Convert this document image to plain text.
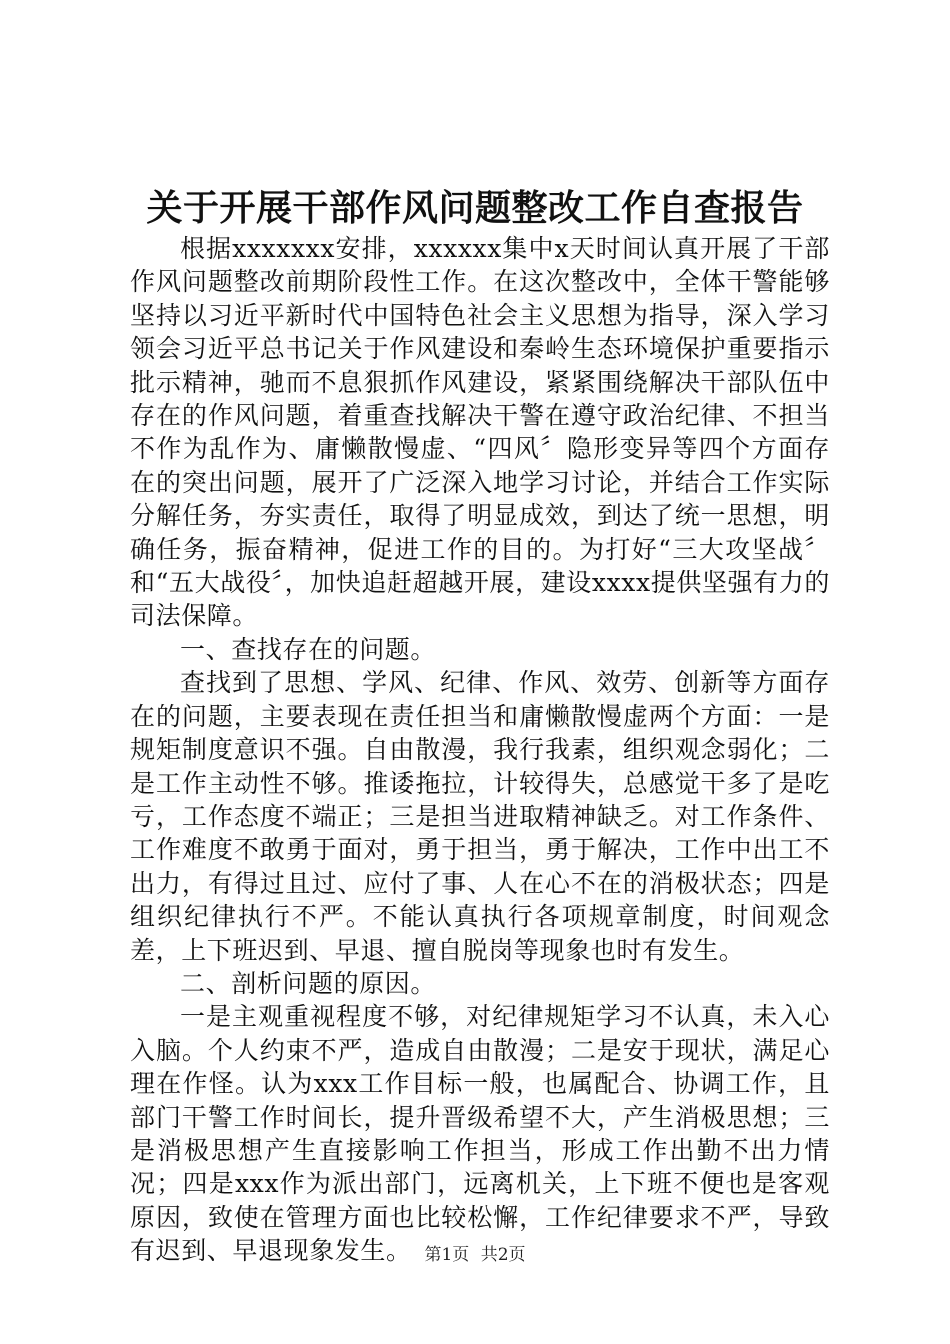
关于开展干部作风问题整改工作自查报告

根据xxxxxxx安排，xxxxxx集中x天时间认真开展了干部作风问题整改前期阶段性工作。在这次整改中，全体干警能够坚持以习近平新时代中国特色社会主义思想为指导，深入学习领会习近平总书记关于作风建设和秦岭生态环境保护重要指示批示精神，驰而不息狠抓作风建设，紧紧围绕解决干部队伍中存在的作风问题，着重查找解决干警在遵守政治纪律、不担当不作为乱作为、庸懒散慢虚、“四风〞隐形变异等四个方面存在的突出问题，展开了广泛深入地学习讨论，并结合工作实际分解任务，夯实责任，取得了明显成效，到达了统一思想，明确任务，振奋精神，促进工作的目的。为打好“三大攻坚战〞和“五大战役〞，加快追赶超越开展，建设xxxx提供坚强有力的司法保障。

一、查找存在的问题。

查找到了思想、学风、纪律、作风、效劳、创新等方面存在的问题，主要表现在责任担当和庸懒散慢虚两个方面：一是规矩制度意识不强。自由散漫，我行我素，组织观念弱化；二是工作主动性不够。推诿拖拉，计较得失，总感觉干多了是吃亏，工作态度不端正；三是担当进取精神缺乏。对工作条件、工作难度不敢勇于面对，勇于担当，勇于解决，工作中出工不出力，有得过且过、应付了事、人在心不在的消极状态；四是组织纪律执行不严。不能认真执行各项规章制度，时间观念差，上下班迟到、早退、擅自脱岗等现象也时有发生。

二、剖析问题的原因。

一是主观重视程度不够，对纪律规矩学习不认真，未入心入脑。个人约束不严，造成自由散漫；二是安于现状，满足心理在作怪。认为xxx工作目标一般，也属配合、协调工作，且部门干警工作时间长，提升晋级希望不大，产生消极思想；三是消极思想产生直接影响工作担当，形成工作出勤不出力情况；四是xxx作为派出部门，远离机关，上下班不便也是客观原因，致使在管理方面也比较松懈，工作纪律要求不严，导致有迟到、早退现象发生。 第1页 共2页
